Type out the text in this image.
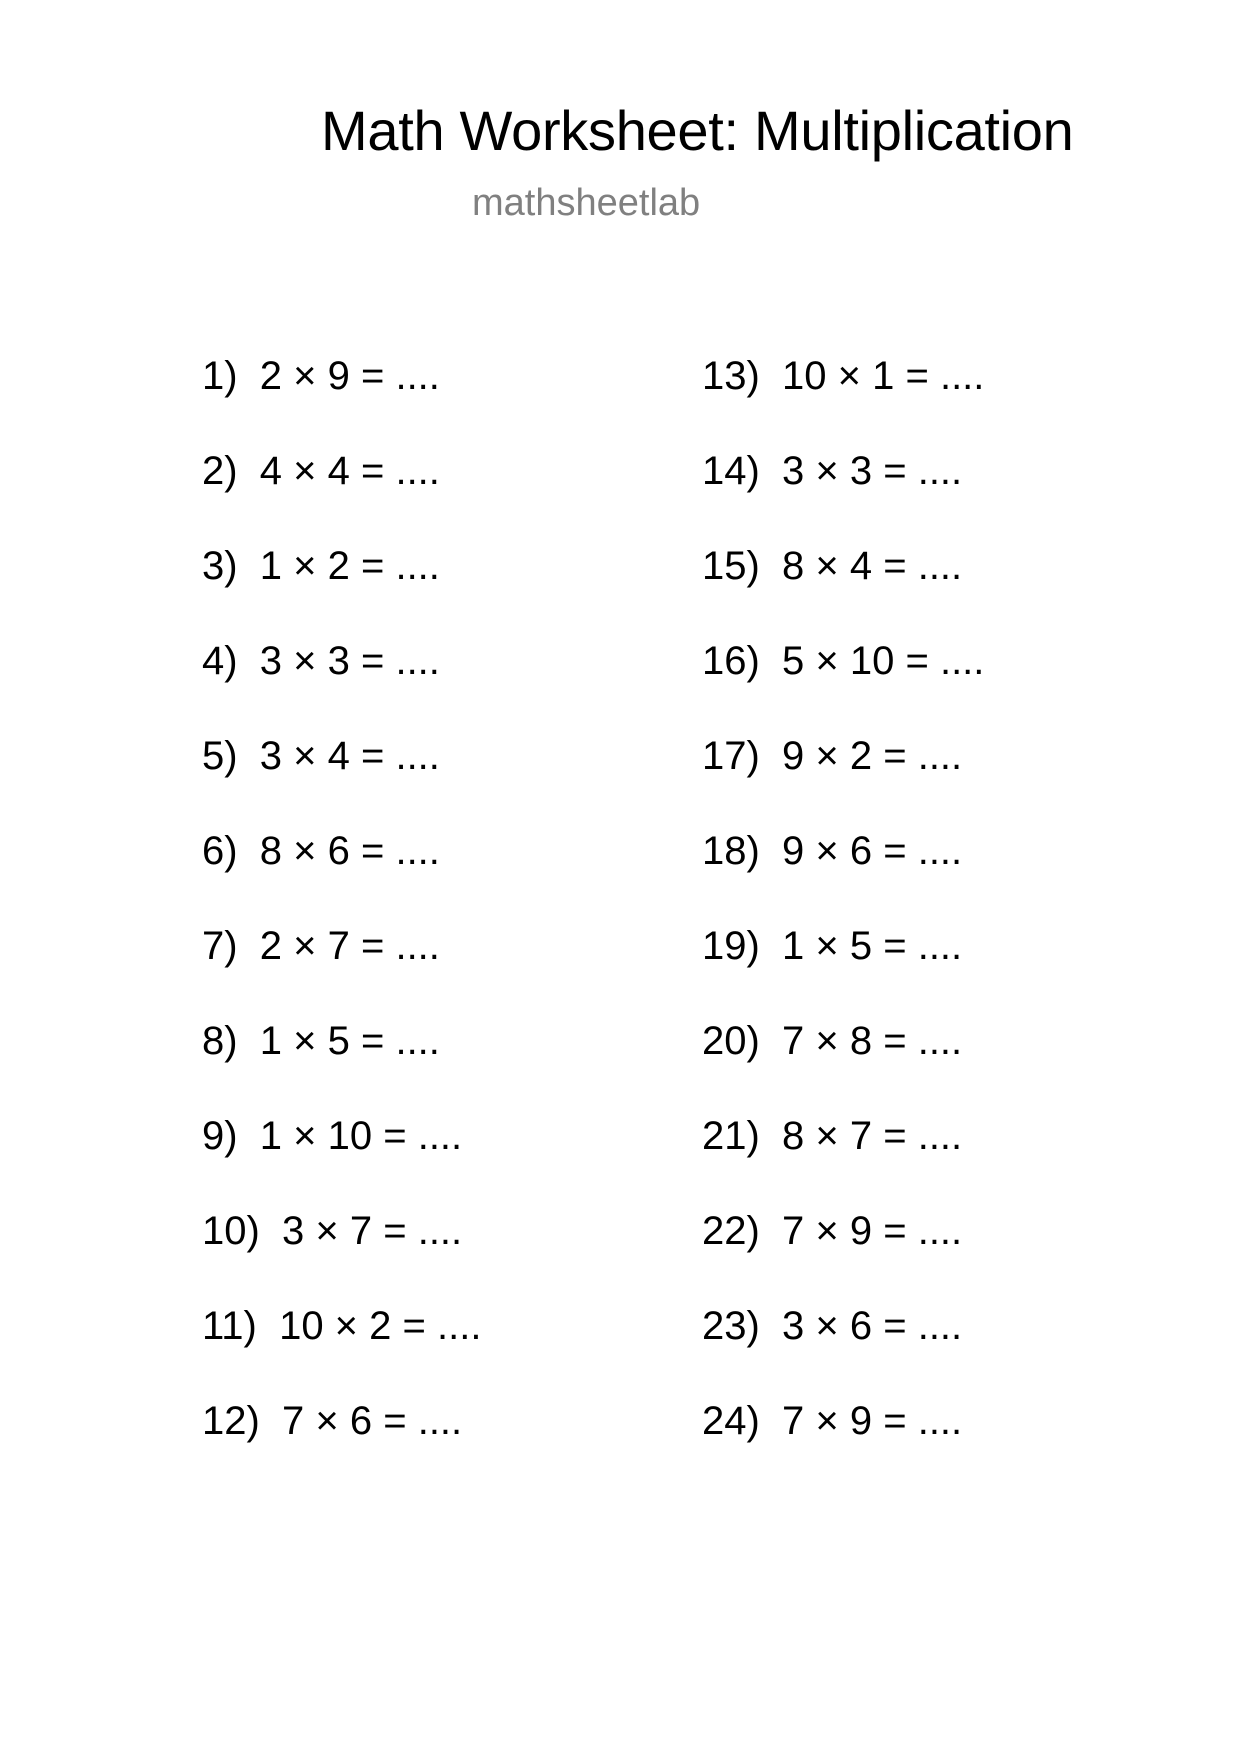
Math Worksheet: Multiplication
mathsheetlab
1)  2 × 9 = ....
2)  4 × 4 = ....
3)  1 × 2 = ....
4)  3 × 3 = ....
5)  3 × 4 = ....
6)  8 × 6 = ....
7)  2 × 7 = ....
8)  1 × 5 = ....
9)  1 × 10 = ....
10)  3 × 7 = ....
11)  10 × 2 = ....
12)  7 × 6 = ....
13)  10 × 1 = ....
14)  3 × 3 = ....
15)  8 × 4 = ....
16)  5 × 10 = ....
17)  9 × 2 = ....
18)  9 × 6 = ....
19)  1 × 5 = ....
20)  7 × 8 = ....
21)  8 × 7 = ....
22)  7 × 9 = ....
23)  3 × 6 = ....
24)  7 × 9 = ....
